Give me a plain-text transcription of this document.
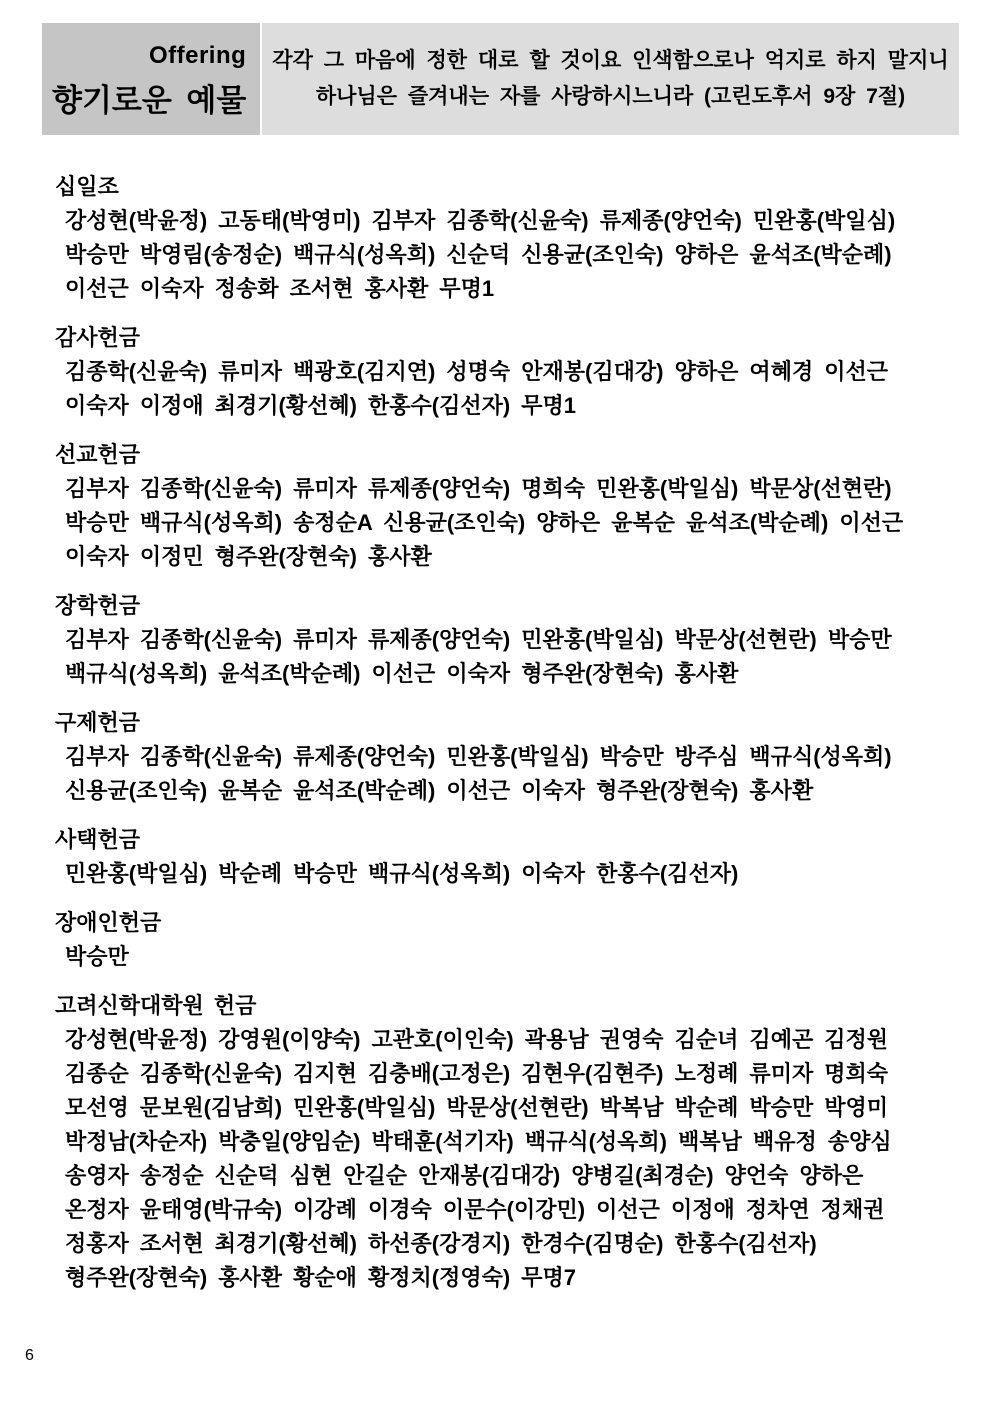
Offering
향기로운 예물
각각 그 마음에 정한 대로 할 것이요 인색함으로나 억지로 하지 말지니
하나님은 즐겨내는 자를 사랑하시느니라 (고린도후서 9장 7절)
십일조
강성현(박윤정) 고동태(박영미) 김부자 김종학(신윤숙) 류제종(양언숙) 민완홍(박일심)
박승만 박영림(송정순) 백규식(성옥희) 신순덕 신용균(조인숙) 양하은 윤석조(박순례)
이선근 이숙자 정송화 조서현 홍사환 무명1
감사헌금
김종학(신윤숙) 류미자 백광호(김지연) 성명숙 안재봉(김대강) 양하은 여혜경 이선근
이숙자 이정애 최경기(황선혜) 한홍수(김선자) 무명1
선교헌금
김부자 김종학(신윤숙) 류미자 류제종(양언숙) 명희숙 민완홍(박일심) 박문상(선현란)
박승만 백규식(성옥희) 송정순A 신용균(조인숙) 양하은 윤복순 윤석조(박순례) 이선근
이숙자 이정민 형주완(장현숙) 홍사환
장학헌금
김부자 김종학(신윤숙) 류미자 류제종(양언숙) 민완홍(박일심) 박문상(선현란) 박승만
백규식(성옥희) 윤석조(박순례) 이선근 이숙자 형주완(장현숙) 홍사환
구제헌금
김부자 김종학(신윤숙) 류제종(양언숙) 민완홍(박일심) 박승만 방주심 백규식(성옥희)
신용균(조인숙) 윤복순 윤석조(박순례) 이선근 이숙자 형주완(장현숙) 홍사환
사택헌금
민완홍(박일심) 박순례 박승만 백규식(성옥희) 이숙자 한홍수(김선자)
장애인헌금
박승만
고려신학대학원 헌금
강성현(박윤정) 강영원(이양숙) 고관호(이인숙) 곽용남 권영숙 김순녀 김예곤 김정원
김종순 김종학(신윤숙) 김지현 김충배(고정은) 김현우(김현주) 노정례 류미자 명희숙
모선영 문보원(김남희) 민완홍(박일심) 박문상(선현란) 박복남 박순례 박승만 박영미
박정남(차순자) 박충일(양임순) 박태훈(석기자) 백규식(성옥희) 백복남 백유정 송양심
송영자 송정순 신순덕 심현 안길순 안재봉(김대강) 양병길(최경순) 양언숙 양하은
온정자 윤태영(박규숙) 이강례 이경숙 이문수(이강민) 이선근 이정애 정차연 정채권
정홍자 조서현 최경기(황선혜) 하선종(강경지) 한경수(김명순) 한홍수(김선자)
형주완(장현숙) 홍사환 황순애 황정치(정영숙) 무명7
6
